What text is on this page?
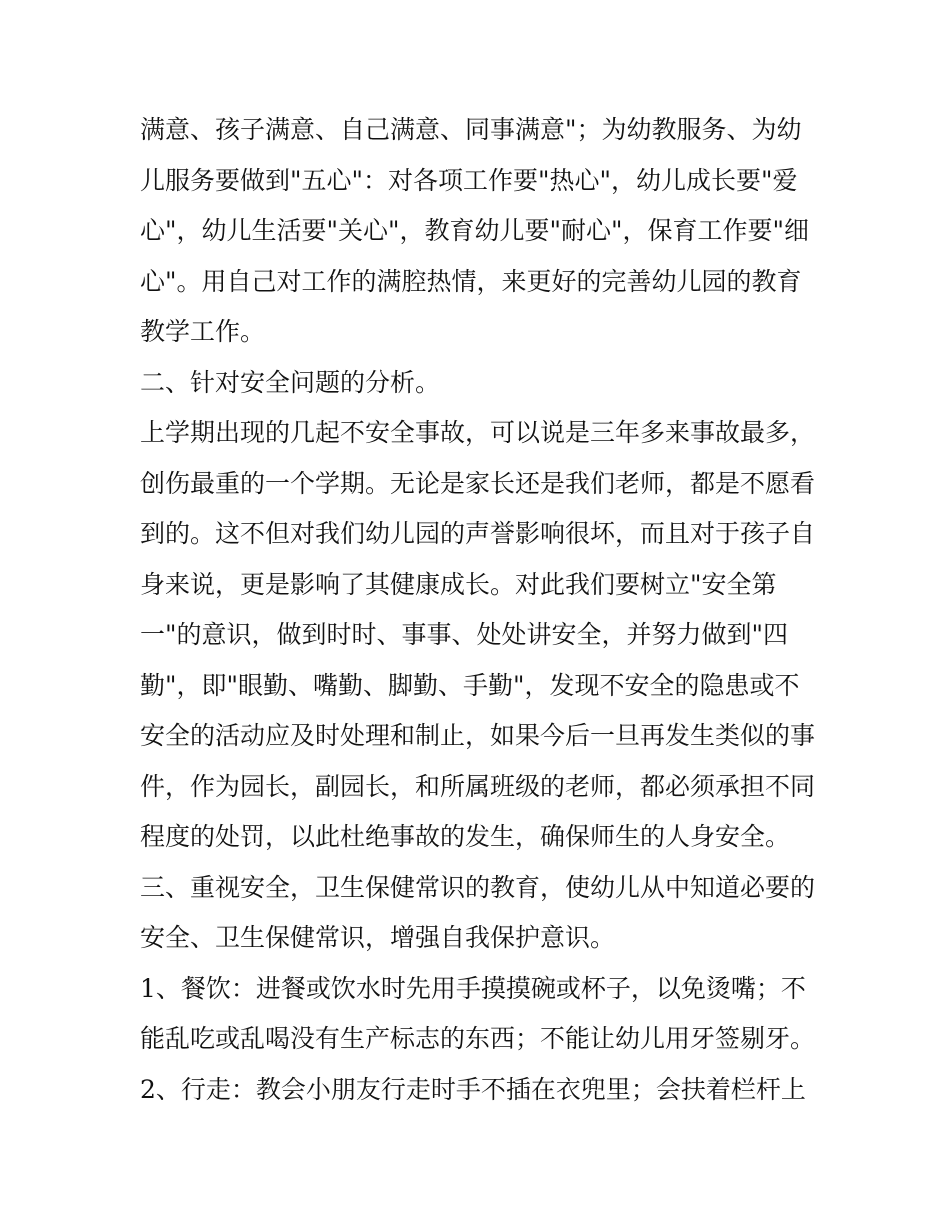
满意、孩子满意、自己满意、同事满意"；为幼教服务、为幼
儿服务要做到"五心"：对各项工作要"热心"，幼儿成长要"爱
心"，幼儿生活要"关心"，教育幼儿要"耐心"，保育工作要"细
心"。用自己对工作的满腔热情，来更好的完善幼儿园的教育
教学工作。
二、针对安全问题的分析。
上学期出现的几起不安全事故，可以说是三年多来事故最多，
创伤最重的一个学期。无论是家长还是我们老师，都是不愿看
到的。这不但对我们幼儿园的声誉影响很坏，而且对于孩子自
身来说，更是影响了其健康成长。对此我们要树立"安全第
一"的意识，做到时时、事事、处处讲安全，并努力做到"四
勤"，即"眼勤、嘴勤、脚勤、手勤"，发现不安全的隐患或不
安全的活动应及时处理和制止，如果今后一旦再发生类似的事
件，作为园长，副园长，和所属班级的老师，都必须承担不同
程度的处罚，以此杜绝事故的发生，确保师生的人身安全。
三、重视安全，卫生保健常识的教育，使幼儿从中知道必要的
安全、卫生保健常识，增强自我保护意识。
1、餐饮：进餐或饮水时先用手摸摸碗或杯子，以免烫嘴；不
能乱吃或乱喝没有生产标志的东西；不能让幼儿用牙签剔牙。
2、行走：教会小朋友行走时手不插在衣兜里；会扶着栏杆上
